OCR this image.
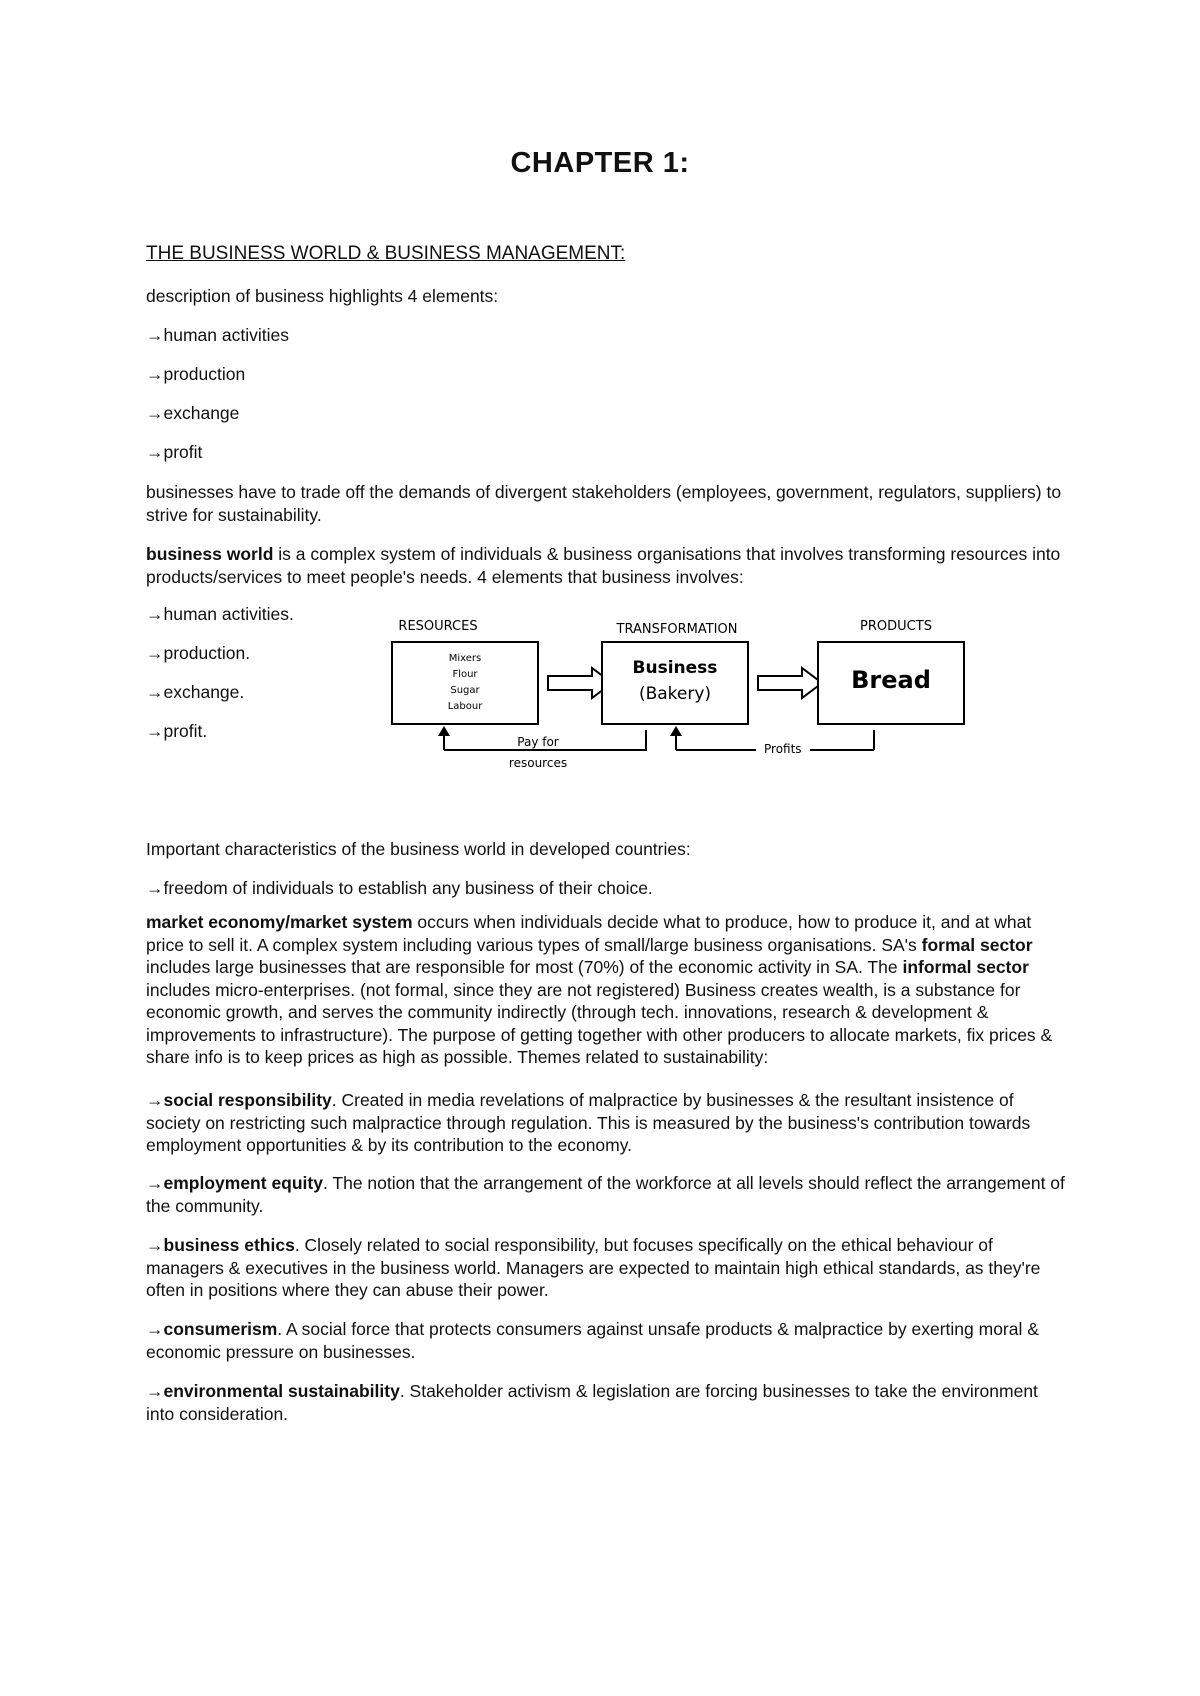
CHAPTER 1:
THE BUSINESS WORLD & BUSINESS MANAGEMENT:
description of business highlights 4 elements:
→human activities
→production
→exchange
→profit
businesses have to trade off the demands of divergent stakeholders (employees, government, regulators, suppliers) to strive for sustainability.
business world is a complex system of individuals & business organisations that involves transforming resources into products/services to meet people's needs. 4 elements that business involves:
→human activities.
→production.
→exchange.
→profit.
RESOURCES	TRANSFORMATION	PRODUCTS
Mixers
Flour
Sugar
Labour
Business
(Bakery)	Bread
Pay for
resources
Profits
Important characteristics of the business world in developed countries:
→freedom of individuals to establish any business of their choice.
market economy/market system occurs when individuals decide what to produce, how to produce it, and at what price to sell it. A complex system including various types of small/large business organisations. SA's formal sector includes large businesses that are responsible for most (70%) of the economic activity in SA. The informal sector includes micro-enterprises. (not formal, since they are not registered) Business creates wealth, is a substance for economic growth, and serves the community indirectly (through tech. innovations, research & development & improvements to infrastructure). The purpose of getting together with other producers to allocate markets, fix prices & share info is to keep prices as high as possible. Themes related to sustainability:
→social responsibility. Created in media revelations of malpractice by businesses & the resultant insistence of society on restricting such malpractice through regulation. This is measured by the business's contribution towards employment opportunities & by its contribution to the economy.
→employment equity. The notion that the arrangement of the workforce at all levels should reflect the arrangement of the community.
→business ethics. Closely related to social responsibility, but focuses specifically on the ethical behaviour of managers & executives in the business world. Managers are expected to maintain high ethical standards, as they're often in positions where they can abuse their power.
→consumerism. A social force that protects consumers against unsafe products & malpractice by exerting moral & economic pressure on businesses.
→environmental sustainability. Stakeholder activism & legislation are forcing businesses to take the environment into consideration.
